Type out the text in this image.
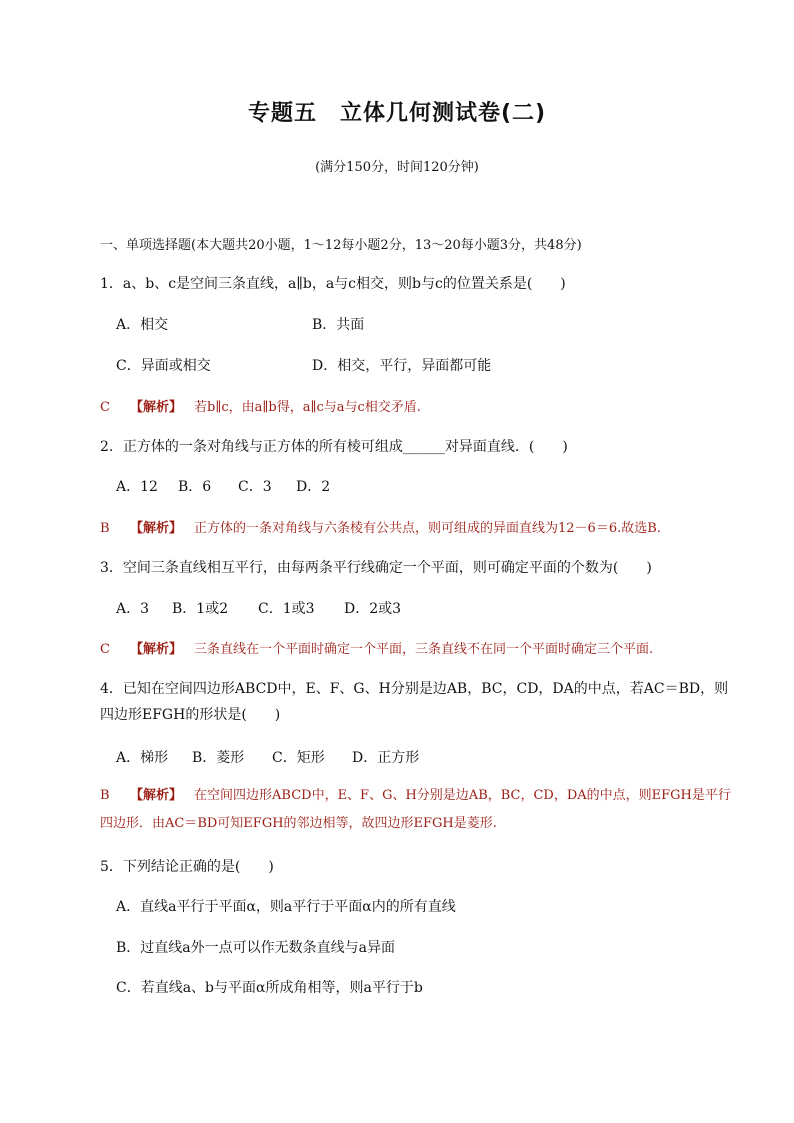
专题五　立体几何测试卷(二)
(满分150分，时间120分钟)
一、单项选择题(本大题共20小题，1～12每小题2分，13～20每小题3分，共48分)
1．a、b、c是空间三条直线，a∥b，a与c相交，则b与c的位置关系是(　　)
A．相交	B．共面
C．异面或相交	D．相交，平行，异面都可能
C 【解析】 若b∥c，由a∥b得，a∥c与a与c相交矛盾.
2．正方体的一条对角线与正方体的所有棱可组成______对异面直线．(　　)
A．12 B．6 C．3 D．2
B 【解析】 正方体的一条对角线与六条棱有公共点，则可组成的异面直线为12－6＝6.故选B.
3．空间三条直线相互平行，由每两条平行线确定一个平面，则可确定平面的个数为(　　)
A．3 B．1或2 C．1或3 D．2或3
C 【解析】 三条直线在一个平面时确定一个平面，三条直线不在同一个平面时确定三个平面.
4．已知在空间四边形ABCD中，E、F、G、H分别是边AB，BC，CD，DA的中点，若AC＝BD，则四边形EFGH的形状是(　　)
A．梯形 B．菱形 C．矩形 D．正方形
B 【解析】 在空间四边形ABCD中，E、F、G、H分别是边AB，BC，CD，DA的中点，则EFGH是平行四边形．由AC＝BD可知EFGH的邻边相等，故四边形EFGH是菱形.
5．下列结论正确的是(　　)
A．直线a平行于平面α，则a平行于平面α内的所有直线
B．过直线a外一点可以作无数条直线与a异面
C．若直线a、b与平面α所成角相等，则a平行于b
